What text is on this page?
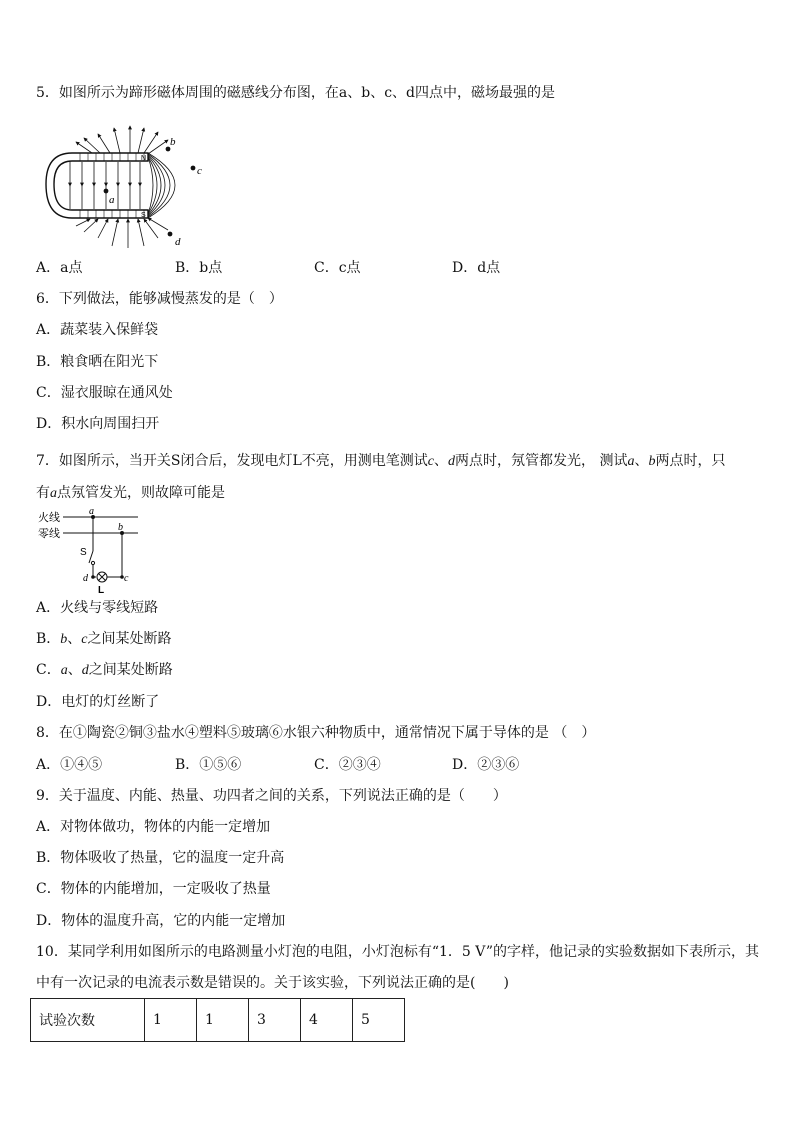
5．如图所示为蹄形磁体周围的磁感线分布图，在a、b、c、d四点中，磁场最强的是
a
b
c
d
N
S
A．a点	B．b点	C．c点	D．d点
6．下列做法，能够减慢蒸发的是（　）
A．蔬菜装入保鲜袋
B．粮食晒在阳光下
C．湿衣服晾在通风处
D．积水向周围扫开
7．如图所示，当开关S闭合后，发现电灯L不亮，用测电笔测试c、d两点时，氖管都发光， 测试a、b两点时，只
有a点氖管发光，则故障可能是
火线
零线
a
b
S
d	c
L
A．火线与零线短路
B．b、c之间某处断路
C．a、d之间某处断路
D．电灯的灯丝断了
8．在①陶瓷②铜③盐水④塑料⑤玻璃⑥水银六种物质中，通常情况下属于导体的是 （　）
A．①④⑤	B．①⑤⑥	C．②③④	D．②③⑥
9．关于温度、内能、热量、功四者之间的关系，下列说法正确的是（　　）
A．对物体做功，物体的内能一定增加
B．物体吸收了热量，它的温度一定升高
C．物体的内能增加，一定吸收了热量
D．物体的温度升高，它的内能一定增加
10．某同学利用如图所示的电路测量小灯泡的电阻，小灯泡标有“1．5 V”的字样，他记录的实验数据如下表所示，其
中有一次记录的电流表示数是错误的。关于该实验，下列说法正确的是(　　)
试验次数	1	1	3	4	5
